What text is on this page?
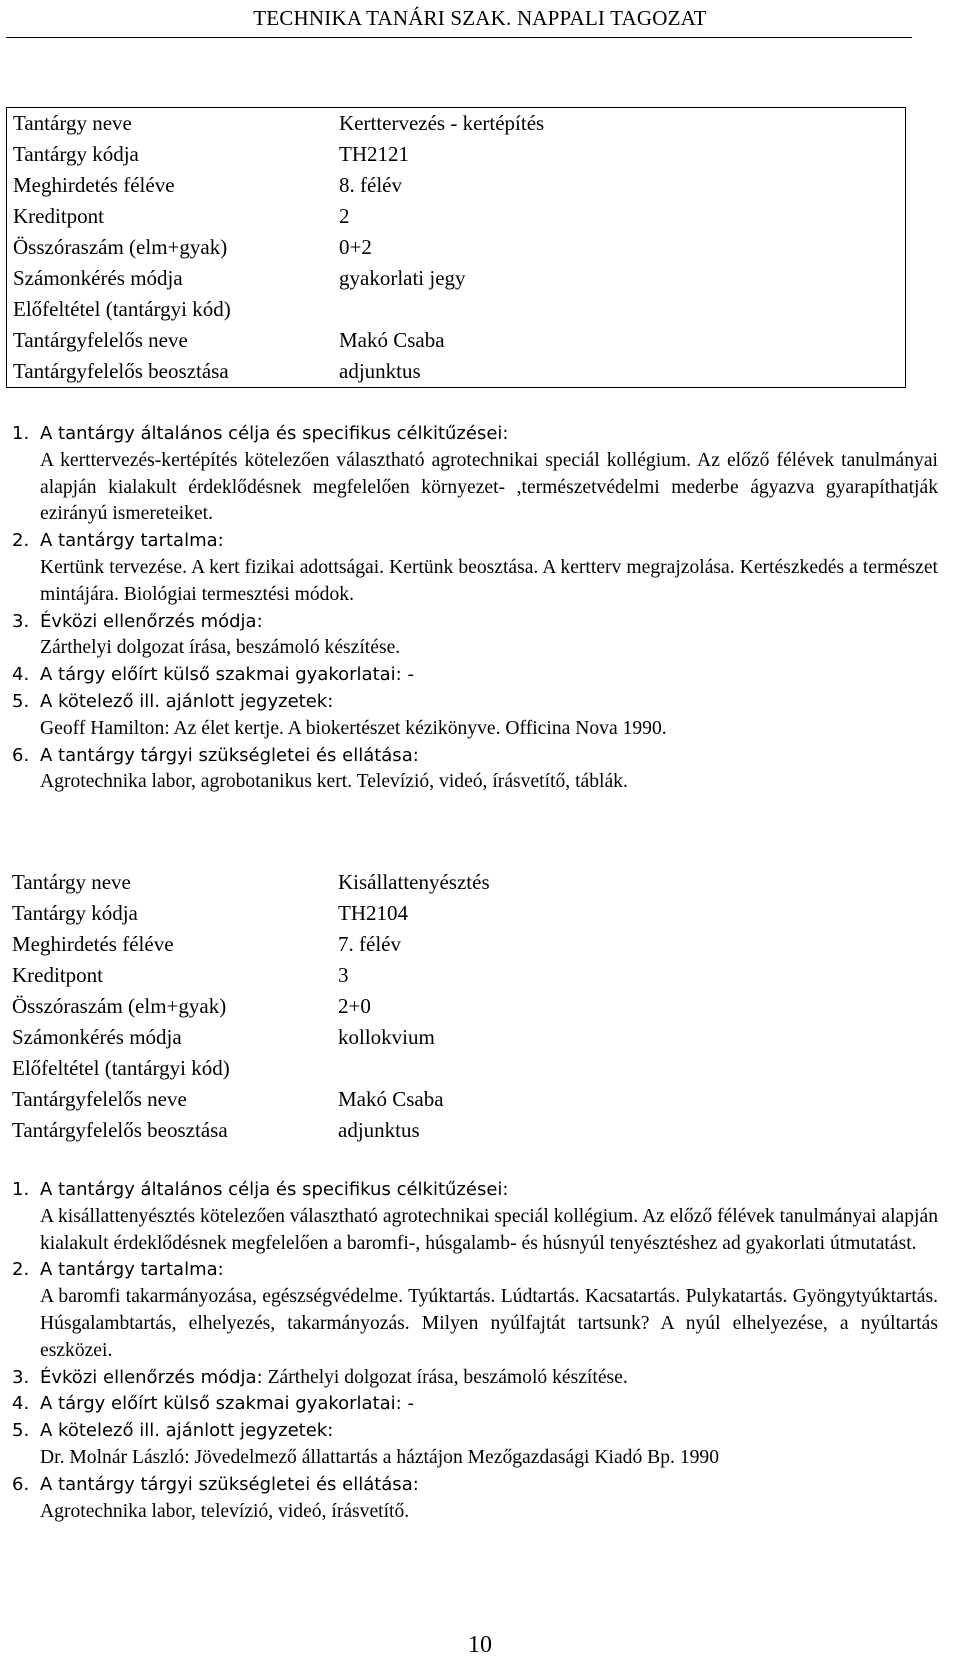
TECHNIKA TANÁRI SZAK. NAPPALI TAGOZAT
Tantárgy neve	Kerttervezés - kertépítés
Tantárgy kódja	TH2121
Meghirdetés féléve	8. félév
Kreditpont	2
Összóraszám (elm+gyak)	0+2
Számonkérés módja	gyakorlati jegy
Előfeltétel (tantárgyi kód)	
Tantárgyfelelős neve	Makó Csaba
Tantárgyfelelős beosztása	adjunktus
1. A tantárgy általános célja és specifikus célkitűzései:
A kerttervezés-kertépítés kötelezően választható agrotechnikai speciál kollégium. Az előző félévek tanulmányai alapján kialakult érdeklődésnek megfelelően környezet- ,természetvédelmi mederbe ágyazva gyarapíthatják ezirányú ismereteiket.
2. A tantárgy tartalma:
Kertünk tervezése. A kert fizikai adottságai. Kertünk beosztása. A kertterv megrajzolása. Kertészkedés a természet mintájára. Biológiai termesztési módok.
3. Évközi ellenőrzés módja:
Zárthelyi dolgozat írása, beszámoló készítése.
4. A tárgy előírt külső szakmai gyakorlatai: -
5. A kötelező ill. ajánlott jegyzetek:
Geoff Hamilton: Az élet kertje. A biokertészet kézikönyve. Officina Nova 1990.
6. A tantárgy tárgyi szükségletei és ellátása:
Agrotechnika labor, agrobotanikus kert. Televízió, videó, írásvetítő, táblák.
Tantárgy neve	Kisállattenyésztés
Tantárgy kódja	TH2104
Meghirdetés féléve	7. félév
Kreditpont	3
Összóraszám (elm+gyak)	2+0
Számonkérés módja	kollokvium
Előfeltétel (tantárgyi kód)	
Tantárgyfelelős neve	Makó Csaba
Tantárgyfelelős beosztása	adjunktus
1. A tantárgy általános célja és specifikus célkitűzései:
A kisállattenyésztés kötelezően választható agrotechnikai speciál kollégium. Az előző félévek tanulmányai alapján kialakult érdeklődésnek megfelelően a baromfi-, húsgalamb- és húsnyúl tenyésztéshez ad gyakorlati útmutatást.
2. A tantárgy tartalma:
A baromfi takarmányozása, egészségvédelme. Tyúktartás. Lúdtartás. Kacsatartás. Pulykatartás. Gyöngytyúktartás. Húsgalambtartás, elhelyezés, takarmányozás. Milyen nyúlfajtát tartsunk? A nyúl elhelyezése, a nyúltartás eszközei.
3. Évközi ellenőrzés módja: Zárthelyi dolgozat írása, beszámoló készítése.
4. A tárgy előírt külső szakmai gyakorlatai: -
5. A kötelező ill. ajánlott jegyzetek:
Dr. Molnár László: Jövedelmező állattartás a háztájon Mezőgazdasági Kiadó Bp. 1990
6. A tantárgy tárgyi szükségletei és ellátása:
Agrotechnika labor, televízió, videó, írásvetítő.
10
